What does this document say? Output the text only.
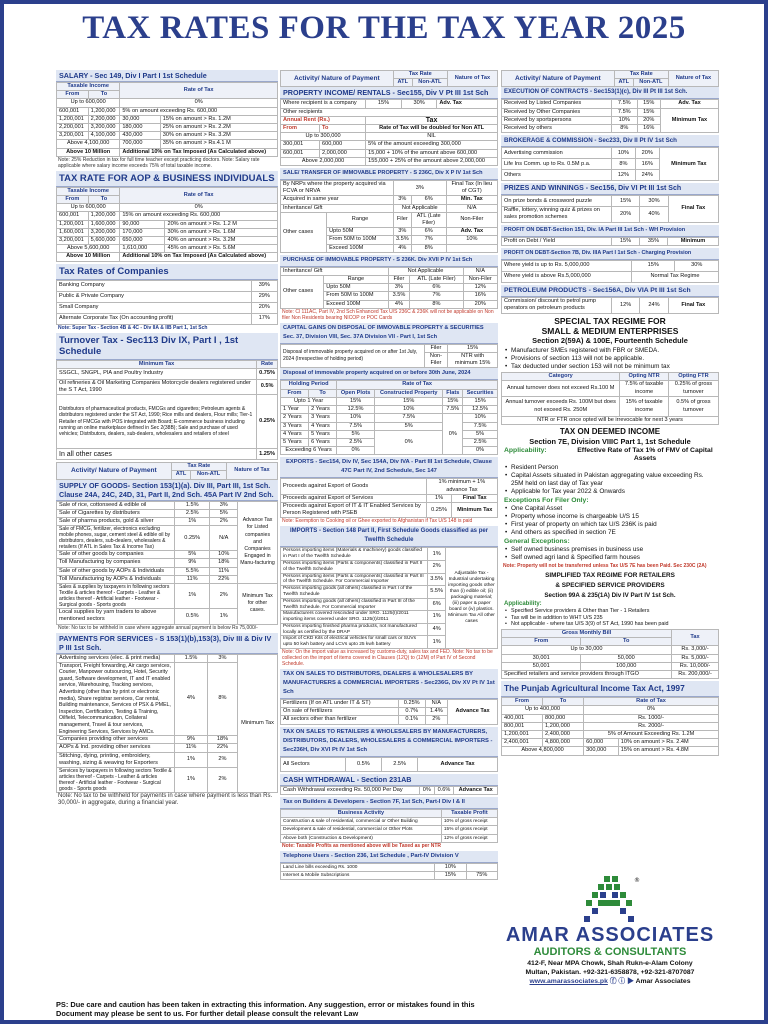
TAX RATES FOR THE TAX YEAR 2025
SALARY - Sec 149, Div I Part I 1st Schedule
Taxable Income		Rate of Tax	
From	To		
Up to 600,000		0%	
600,001	1,200,000	5% on amount exceeding Rs. 600,000	
1,200,001	2,200,000	30,000	15% on amount > Rs. 1.2M
2,200,001	3,200,000	180,000	25% on amount > Rs. 2.2M
3,200,001	4,100,000	430,000	30% on amount > Rs. 3.2M
Above 4,100,000		700,000	35% on amount > Rs.4.1 M
Above 10 Million		Additional 10% on Tax Imposed (As Calculated above)	
Note: 25% Reduction in tax for full time teacher except practicing doctors. Note: Salary rate applicable where salary income exceeds 75% of total taxable income.
TAX RATE FOR AOP & BUSINESS INDIVIDUALS
Taxable Income		Rate of Tax	
From	To		
Up to 600,000		0%	
600,001	1,200,000	15% on amount exceeding Rs. 600,000	
1,200,001	1,600,000	90,000	20% on amount > Rs. 1.2 M
1,600,001	3,200,000	170,000	30% on amount > Rs. 1.6M
3,200,001	5,600,000	650,000	40% on amount > Rs. 3.2M
Above 5,600,000		1,610,000	45% on amount > Rs. 5.6M
Above 10 Million		Additional 10% on Tax Imposed (As Calculated above)	
Tax Rates of Companies
Banking Company	39%
Public & Private Company	29%
Small Company	20%
Alternate Corporate Tax (On accounting profit)	17%
Note: Super Tax - Section 4B & 4C - Div IIA & IIB Part 1, 1st Sch
Turnover Tax - Sec113 Div IX, Part I , 1st Schedule
Minimum Tax	Rate
SSGCL, SNGPL, PIA and Poultry Industry	0.75%
Oil refineries & Oil Marketing Companies Motorcycle dealers registered under the S T Act, 1990	0.5%
Distributors of pharmaceutical products, FMCGs and cigarettes; Petroleum agents & distributors registered under the ST Act, 1990; Rice mills and dealers, Flour mills; Tier-1 Retailer of FMCGs with POS integrated with Board; E-commerce business including running an online marketplace defined in Sec 2(38B); Sale and purchase of used vehicles; Distributors, dealers, sub-dealers, wholesalers and retailers of steel	0.25%
In all other cases	1.25%
Activity/ Nature of Payment	Tax Rate		Nature of Tax
	ATL	Non-ATL	
SUPPLY OF GOODS- Section 153(1)(a). Div III, Part III, 1st Sch. Clause 24A, 24C, 24D, 31, Part II, 2nd Sch. 45A Part IV 2nd Sch.
Sale of rice, cottonseed & edible oil	1.5%	3%	Advance Tax for Listed companies and Companies Engaged in Manu-facturing
Sale of Cigarettes by distributers	2.5%	5%	
Sale of pharma products, gold & silver	1%	2%	
Sale of FMCG, fertilizer, electronics excluding mobile phones, sugar, cement steel & edible oil by distributors, dealers, sub-dealers, wholesalers & retailers (If ATL in Sales Tax & Income Tax)	0.25%	N/A	
Sale of other goods by companies	5%	10%	
Toll Manufacturing by companies	9%	18%	
Sale of other goods by AOPs & Individuals	5.5%	11%	
Toll Manufacturing by AOPs & Individuals	11%	22%	
Sales & supplies by taxpayers in following sectors Textile & articles thereof - Carpets - Leather & articles thereof - Artificial leather - Footwear - Surgical goods - Sports goods	1%	2%	Minimum Tax for other cases.
Local supplies by yarn traders to above mentioned sectors	0.5%	1%	
Note: No tax to be withheld in case where aggregate annual payment is below Rs 75,000/-
PAYMENTS FOR SERVICES - S 153(1)(b),153(3), Div III & Div IV P III 1st Sch.
Advertising services (elec. & print media)	1.5%	3%	Minimum Tax
Transport, Freight forwarding, Air cargo services, Courier, Manpower outsourcing, Hotel, Security guard, Software development, IT and IT enabled service, Warehousing, Tracking services, Advertising (other than by print or electronic media), Share registrar services, Car rental, Building maintenance, Services of PSX & PMEL, Inspection, Certification, Testing & Training, Oilfield, Telecommunication, Collateral management, Travel & tour services, Engineering Services, Services by AMCs.	4%	8%	
Companies providing other services	9%	18%	
AOPs & Ind. providing other services	11%	22%	
Stitching, dying, printing, embroidery, washing, sizing & weaving for Exporters	1%	2%	
Services by taxpayers in following sectors Textile & articles thereof - Carpets - Leather & articles thereof - Artificial leather - Footwear - Surgical goods - Sports goods	1%	2%	
Note: No tax to be withheld for payments in case where payment is less than Rs. 30,000/- in aggregate, during a financial year.
Activity/ Nature of Payment	Tax Rate		Nature of Tax
	ATL	Non-ATL	
PROPERTY INCOME/ RENTALS - Sec155, Div V Pt III 1st Sch
Where recipient is a company		15%	30%	Adv. Tax
Other recipients				
Annual Rent (Rs.)		Tax		
From	To	Rate of Tax will be doubled for Non ATL		
Up to 300,000		NIL		
300,001	600,000	5% of the amount exceeding 300,000		
600,001	2,000,000	15,000 + 10% of the amount above 600,000		
Above 2,000,000		155,000 + 25% of the amount above 2,000,000		
SALE/ TRANSFER OF IMMOVABLE PROPERTY - S 236C, Div X P IV 1st Sch
By NRPs where the property acquired via FCVA or NRVA		3%		Final Tax (In lieu of CGT)
Acquired in same year		3%	6%	Min. Tax
Inheritance/ Gift		Not Applicable		N/A
Other cases	Range	Filer	ATL (Late Filer)	Non-Filer
	Upto 50M	3%	6%	Adv. Tax
	From 50M to 100M	3.5%	7%	10%
	Exceed 100M	4%	8%	
PURCHASE OF IMMOVABLE PROPERTY - S 236K. Div XVII P IV 1st Sch
Inheritance/ Gift		Not Applicable		N/A
Other cases	Range	Filer	ATL (Late Filer)	Non-Filer
	Upto 50M	3%	6%	12%
	From 50M to 100M	3.5%	7%	16%
	Exceed 100M	4%	8%	20%
Note: Cl 111AC, Part IV, 2nd Sch Enhanced Tax U/S 236C & 236K will not be applicable on Non filer Non Residents bearing NICOP or POC Cards
CAPITAL GAINS ON DISPOSAL OF IMMOVABLE PROPERTY & SECURITIES Sec. 37, Division VIII, Sec. 37A Division VII - Part I, 1st Sch
Disposal of immovable property acquired on or after 1st July, 2024 (Irrespective of holding period)	Filer	15%
	Non-Filer	NTR with minimum 15%
Disposal of immovable property acquired on or before 30th June, 2024
Holding Period		Rate of Tax			
From	To	Open Plots	Constructed Property	Flats	Securities
Upto 1 Year		15%	15%	15%	15%
1 Year	2 Years	12.5%	10%	7.5%	12.5%
2 Years	3 Years	10%	7.5%	0%	10%
3 Years	4 Years	7.5%	5%		7.5%
4 Years	5 Years	5%	0%		5%
5 Years	6 Years	2.5%			2.5%
Exceeding 6 Years		0%			0%
EXPORTS - Sec154, Div IV, Sec 154A, Div IVA - Part III 1st Schedule, Clause 47C Part IV, 2nd Schedule, Sec 147
Proceeds against Export of Goods	1% minimum + 1% advance Tax	
Proceeds against Export of Services	1%	Final Tax
Proceeds against Export of IT & IT Enabled Services by Person Registered with PSEB	0.25%	Minimum Tax
Note: Exemption to Cooking oil or Ghee exported to Afghanistan if Tax U/S 148 is paid
IMPORTS - Section 148 Part II, First Schedule Goods classified as per Twelfth Schedule
Persons importing items (Materials & machinery) goods classified in Part I of the Twelfth Schedule	1%	Adjustable Tax - Industrial undertaking importing goods other than (i) edible oil; (ii) packaging material; (iii) paper & paper board or (iv) plastics. Minimum Tax All other cases
Persons importing items (Parts & components) classified in Part II of the Twelfth Schedule	2%	
Persons importing items (Parts & components) classified in Part III of the Twelfth Schedule. For Commercial Importer	3.5%	
Persons importing goods (all others) classified in Part I of the Twelfth Schedule	5.5%	
Persons importing goods (all others) classified in Part III of the Twelfth Schedule. For Commercial Importer	6%	
Manufacturers covered rescinded under SRO. 1125(I)/2011 importing items covered under SRO. 1125(I)/2011	1%	
Persons importing finished pharma products, not manufactured locally as certified by the DRAP	4%	
Import of CKD Kits of electrical vehicles for small cars or SUVs upto 50 kwh battery and LCVs upto 25 kwh battery	1%	
Note: On the import value as increased by customs-duty, sales tax and FED. Note: No tax to be collected on the import of items covered in Clauses (12Q) to (12M) of Part IV of Second Schedule.
TAX ON SALES TO DISTRIBUTORS, DEALERS & WHOLESALERS BY MANUFACTURERS & COMMERCIAL IMPORTERS - Sec236G, Div XV Pt IV 1st Sch
Fertilizers (If on ATL under IT & ST)	0.25%	N/A	Advance Tax
On sale of fertilizers	0.7%	1.4%	
All sectors other than fertilizer	0.1%	2%	
TAX ON SALES TO RETAILERS & WHOLESALERS BY MANUFACTURERS, DISTRIBUTORS, DEALERS, WHOLESALERS & COMMERCIAL IMPORTERS - Sec236H, Div XVI Pt IV 1st Sch
All Sectors	0.5%	2.5%	Advance Tax
CASH WITHDRAWAL - Section 231AB
Cash Withdrawal exceeding Rs. 50,000 Per Day	0%	0.6%	Advance Tax
Tax on Builders & Developers - Section 7F, 1st Sch, Part-I Div I & II
Business Activity	Taxable Profit
Construction & sale of residential, commercial or Other Building	10% of gross receipt
Development & sale of residential, commercial or Other Plots	15% of gross receipt
Above both (Construction & Development)	12% of gross receipt
Note: Taxable Profits as mentioned above will be Taxed as per NTR
Telephone Users - Section 236, 1st Schedule , Part-IV Division V
Land Line bills exceeding Rs. 1000	10%	
Internet & Mobile Subscriptions	15%	75%
Activity/ Nature of Payment	Tax Rate		Nature of Tax
	ATL	Non-ATL	
EXECUTION OF CONTRACTS - Sec153(1)(c), Div III Pt III 1st Sch.
Received by Listed Companies	7.5%	15%	Adv. Tax
Received by Other Companies	7.5%	15%	Minimum Tax
Received by sportspersons	10%	20%	
Received by others	8%	16%	
BROKERAGE & COMMISSION - Sec233, Div II Pt IV 1st Sch
Advertising commission	10%	20%	Minimum Tax
Life Ins Comm. up to Rs. 0.5M p.a.	8%	16%	
Others	12%	24%	
PRIZES AND WINNINGS - Sec156, Div VI Pt III 1st Sch
On prize bonds & crossword puzzle	15%	30%	Final Tax
Raffle, lottery, winning quiz & prizes on sales promotion schemes	20%	40%	
PROFIT ON DEBT-Section 151, Div. IA Part III 1st Sch - WH Provision
Profit on Debt / Yield	15%	35%	Minimum
PROFIT ON DEBT-Section 7B, Div. IIIA Part I 1st Sch - Charging Provision
Where yield is up to Rs. 5,000,000	15%	30%
Where yield is above Rs.5,000,000	Normal Tax Regime	
PETROLEUM PRODUCTS - Sec156A, Div VIA Pt III 1st Sch
Commission/ discount to petrol pump operators on petroleum products	12%	24%	Final Tax
SPECIAL TAX REGIME FOR
SMALL & MEDIUM ENTERPRISES
Section 2(59A) & 100E, Fourteenth Schedule
• Manufacturer SMEs registered with FBR or SMEDA.
• Provisions of section 113 will not be applicable.
• Tax deducted under section 153 will not be minimum tax
Category	Opting NTR	Opting FTR
Annual turnover does not exceed Rs.100 M	7.5% of taxable income	0.25% of gross turnover
Annual turnover exceeds Rs. 100M but does not exceed Rs. 250M	15% of taxable income	0.5% of gross turnover
NTR or FTR once opted will be irrevocable for next 3 years		
TAX ON DEEMED INCOME
Section 7E, Division VIIIC Part 1, 1st Schedule
Applicability:	Effective Rate of Tax 1% of FMV of Capital Assets
• Resident Person
• Capital Assets situated in Pakistan aggregating value exceeding Rs. 25M held on last day of Tax year
• Applicable for Tax year 2022 & Onwards
Exceptions For Filer Only:
• One Capital Asset
• Property whose income is chargeable U/S 15
• First year of property on which tax U/S 236K is paid
• And others as specified in section 7E
General Exceptions:
• Self owned business premises in business use
• Self owned agri land & Specified farm houses
Note: Property will not be transferred unless Tax U/S 7E has been Paid. Sec 230C (2A)
SIMPLIFIED TAX REGIME FOR RETAILERS
& SPECIFIED SERVICE PROVIDERS
Section 99A & 235(1A) Div IV Part IV 1st Sch.
Applicability:
• Specified Service providers & Other than Tier - 1 Retailers
• Tax will be in addition to WHT U/S 235
• Not applicable - where tax U/S 3(9) of ST Act, 1990 has been paid
Gross Monthly Bill		Tax
From	To	
Up to 30,000		Rs. 3,000/-
30,001	50,000	Rs. 5,000/-
50,001	100,000	Rs. 10,000/-
Specified retailers and service providers through ITGO		Rs. 200,000/-
The Punjab Agricultural Income Tax Act, 1997
From	To	Rate of Tax	
Up to 400,000		0%	
400,001	800,000	Rs. 1000/-	
800,001	1,200,000	Rs. 2000/-	
1,200,001	2,400,000	5% of Amount Exceeding Rs. 1.2M	
2,400,001	4,800,000	60,000	10% on amount > Rs. 2.4M
Above 4,800,000		300,000	15% on amount > Rs. 4.8M
®
AMAR ASSOCIATES
AUDITORS & CONSULTANTS
412-F, Near MPA Chowk, Shah Rukn-e-Alam Colony
Multan, Pakistan. +92-321-6358878, +92-321-8707087
www.amarassociates.pk ⓕ ⓘ ▶ Amar Associates
PS: Due care and caution has been taken in extracting this information. Any suggestion, error or mistakes found in this Document may please be sent to us. For further detail please consult the relevant Law
